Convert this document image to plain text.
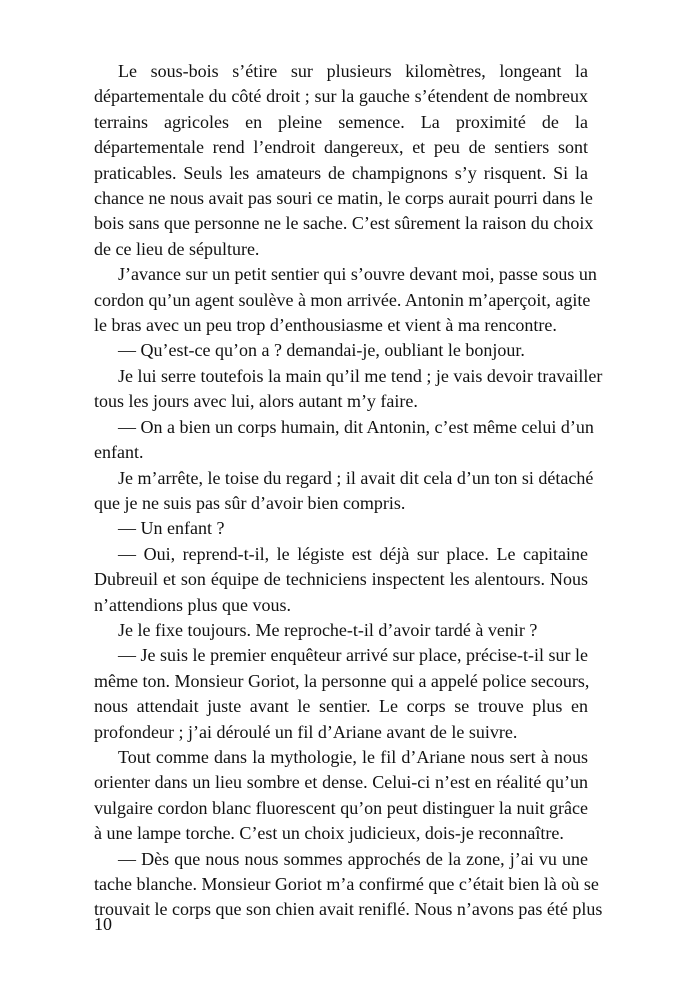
Le sous-bois s’étire sur plusieurs kilomètres, longeant la
départementale du côté droit ; sur la gauche s’étendent de nombreux
terrains agricoles en pleine semence. La proximité de la
départementale rend l’endroit dangereux, et peu de sentiers sont
praticables. Seuls les amateurs de champignons s’y risquent. Si la
chance ne nous avait pas souri ce matin, le corps aurait pourri dans le
bois sans que personne ne le sache. C’est sûrement la raison du choix
de ce lieu de sépulture.
J’avance sur un petit sentier qui s’ouvre devant moi, passe sous un
cordon qu’un agent soulève à mon arrivée. Antonin m’aperçoit, agite
le bras avec un peu trop d’enthousiasme et vient à ma rencontre.
— Qu’est-ce qu’on a ? demandai-je, oubliant le bonjour.
Je lui serre toutefois la main qu’il me tend ; je vais devoir travailler
tous les jours avec lui, alors autant m’y faire.
— On a bien un corps humain, dit Antonin, c’est même celui d’un
enfant.
Je m’arrête, le toise du regard ; il avait dit cela d’un ton si détaché
que je ne suis pas sûr d’avoir bien compris.
— Un enfant ?
— Oui, reprend-t-il, le légiste est déjà sur place. Le capitaine
Dubreuil et son équipe de techniciens inspectent les alentours. Nous
n’attendions plus que vous.
Je le fixe toujours. Me reproche-t-il d’avoir tardé à venir ?
— Je suis le premier enquêteur arrivé sur place, précise-t-il sur le
même ton. Monsieur Goriot, la personne qui a appelé police secours,
nous attendait juste avant le sentier. Le corps se trouve plus en
profondeur ; j’ai déroulé un fil d’Ariane avant de le suivre.
Tout comme dans la mythologie, le fil d’Ariane nous sert à nous
orienter dans un lieu sombre et dense. Celui-ci n’est en réalité qu’un
vulgaire cordon blanc fluorescent qu’on peut distinguer la nuit grâce
à une lampe torche. C’est un choix judicieux, dois-je reconnaître.
— Dès que nous nous sommes approchés de la zone, j’ai vu une
tache blanche. Monsieur Goriot m’a confirmé que c’était bien là où se
trouvait le corps que son chien avait reniflé. Nous n’avons pas été plus
10
